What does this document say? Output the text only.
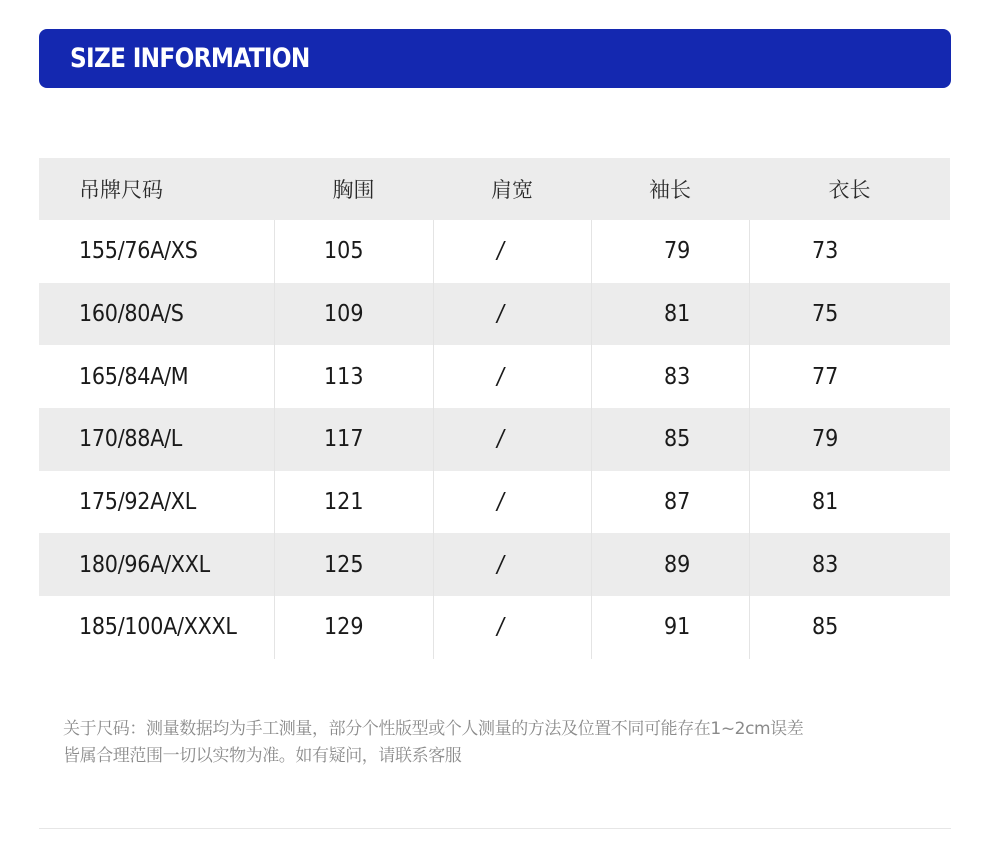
SIZE INFORMATION
吊牌尺码	胸围	肩宽	袖长	衣长
155/76A/XS	105	/	79	73
160/80A/S	109	/	81	75
165/84A/M	113	/	83	77
170/88A/L	117	/	85	79
175/92A/XL	121	/	87	81
180/96A/XXL	125	/	89	83
185/100A/XXXL	129	/	91	85

关于尺码：测量数据均为手工测量，部分个性版型或个人测量的方法及位置不同可能存在1~2cm误差

皆属合理范围一切以实物为准。如有疑问，请联系客服
